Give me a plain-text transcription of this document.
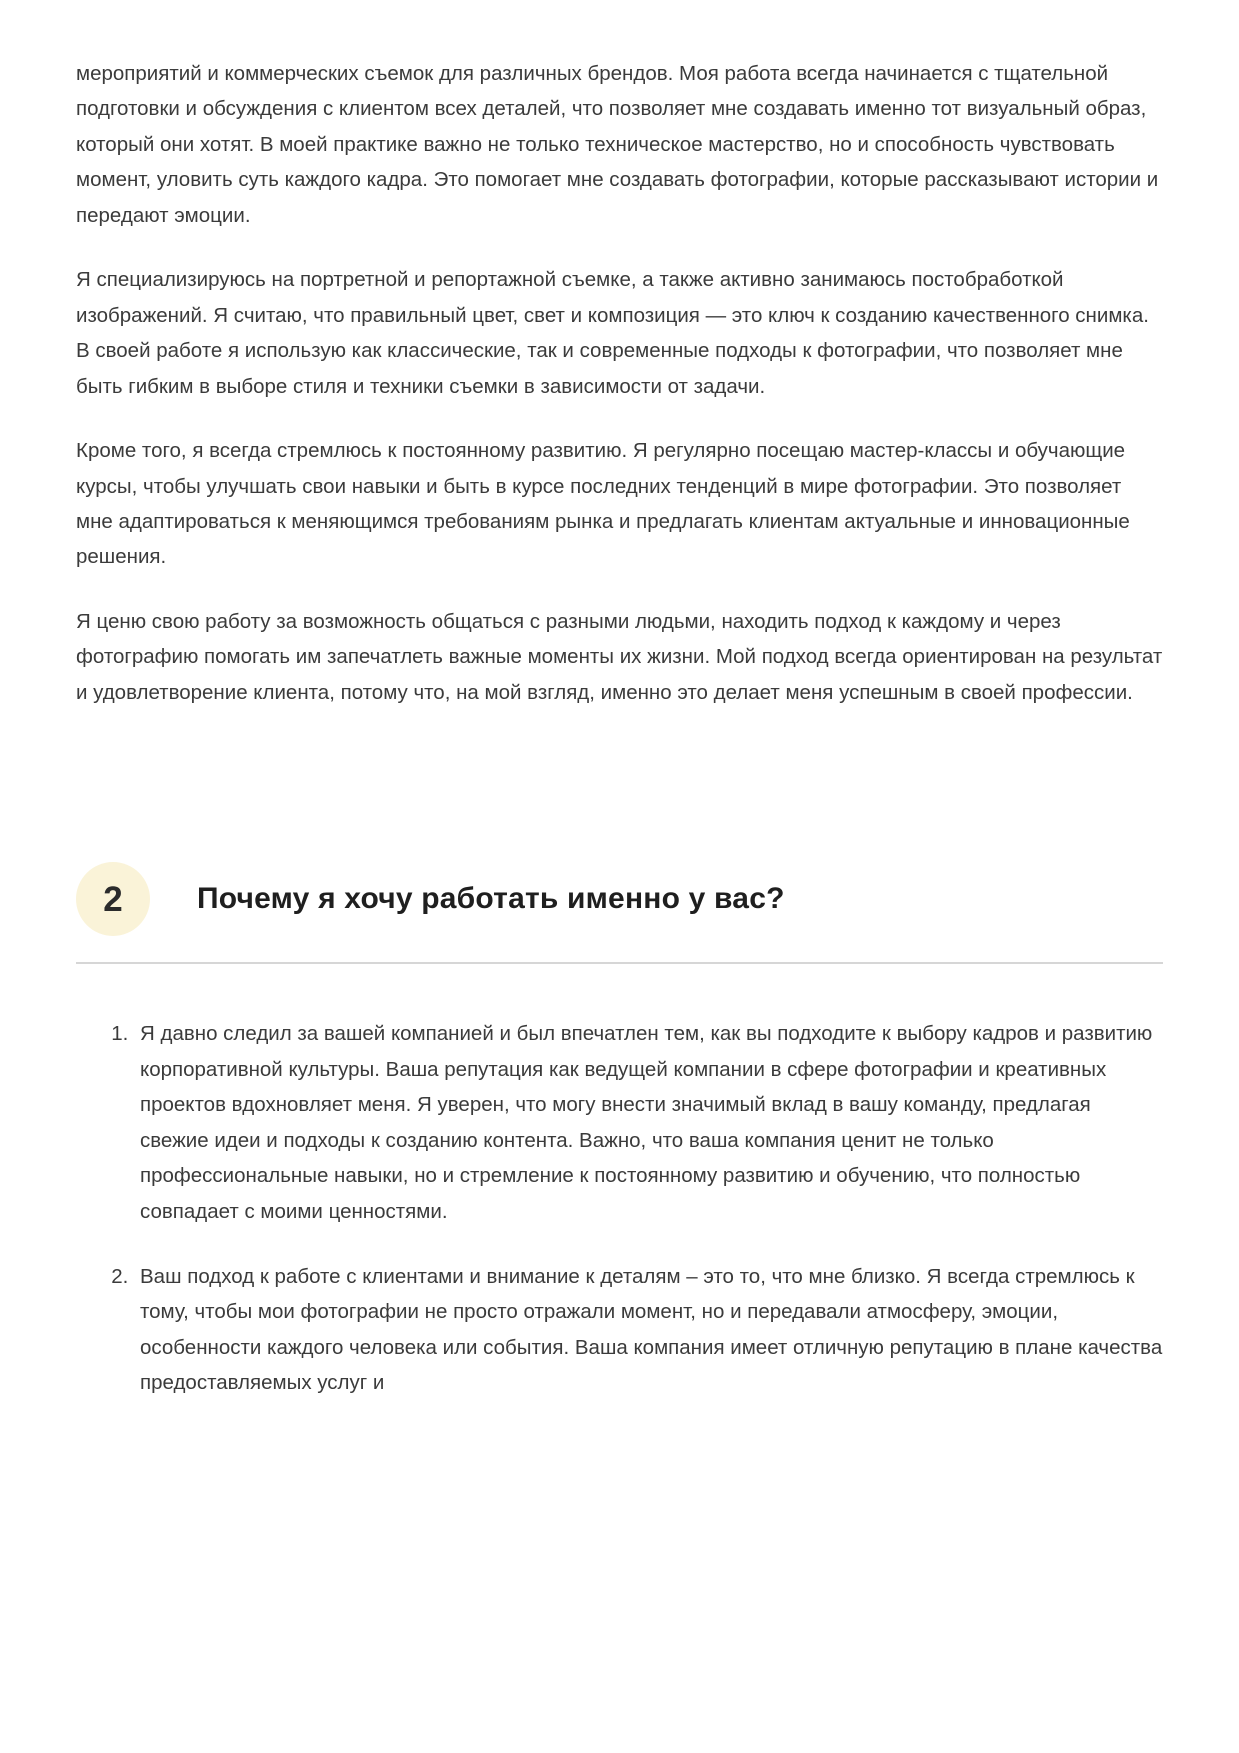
мероприятий и коммерческих съемок для различных брендов. Моя работа всегда начинается с тщательной подготовки и обсуждения с клиентом всех деталей, что позволяет мне создавать именно тот визуальный образ, который они хотят. В моей практике важно не только техническое мастерство, но и способность чувствовать момент, уловить суть каждого кадра. Это помогает мне создавать фотографии, которые рассказывают истории и передают эмоции.

Я специализируюсь на портретной и репортажной съемке, а также активно занимаюсь постобработкой изображений. Я считаю, что правильный цвет, свет и композиция — это ключ к созданию качественного снимка. В своей работе я использую как классические, так и современные подходы к фотографии, что позволяет мне быть гибким в выборе стиля и техники съемки в зависимости от задачи.

Кроме того, я всегда стремлюсь к постоянному развитию. Я регулярно посещаю мастер-классы и обучающие курсы, чтобы улучшать свои навыки и быть в курсе последних тенденций в мире фотографии. Это позволяет мне адаптироваться к меняющимся требованиям рынка и предлагать клиентам актуальные и инновационные решения.

Я ценю свою работу за возможность общаться с разными людьми, находить подход к каждому и через фотографию помогать им запечатлеть важные моменты их жизни. Мой подход всегда ориентирован на результат и удовлетворение клиента, потому что, на мой взгляд, именно это делает меня успешным в своей профессии.

2 Почему я хочу работать именно у вас?
1. Я давно следил за вашей компанией и был впечатлен тем, как вы подходите к выбору кадров и развитию корпоративной культуры. Ваша репутация как ведущей компании в сфере фотографии и креативных проектов вдохновляет меня. Я уверен, что могу внести значимый вклад в вашу команду, предлагая свежие идеи и подходы к созданию контента. Важно, что ваша компания ценит не только профессиональные навыки, но и стремление к постоянному развитию и обучению, что полностью совпадает с моими ценностями.
2. Ваш подход к работе с клиентами и внимание к деталям – это то, что мне близко. Я всегда стремлюсь к тому, чтобы мои фотографии не просто отражали момент, но и передавали атмосферу, эмоции, особенности каждого человека или события. Ваша компания имеет отличную репутацию в плане качества предоставляемых услуг и
